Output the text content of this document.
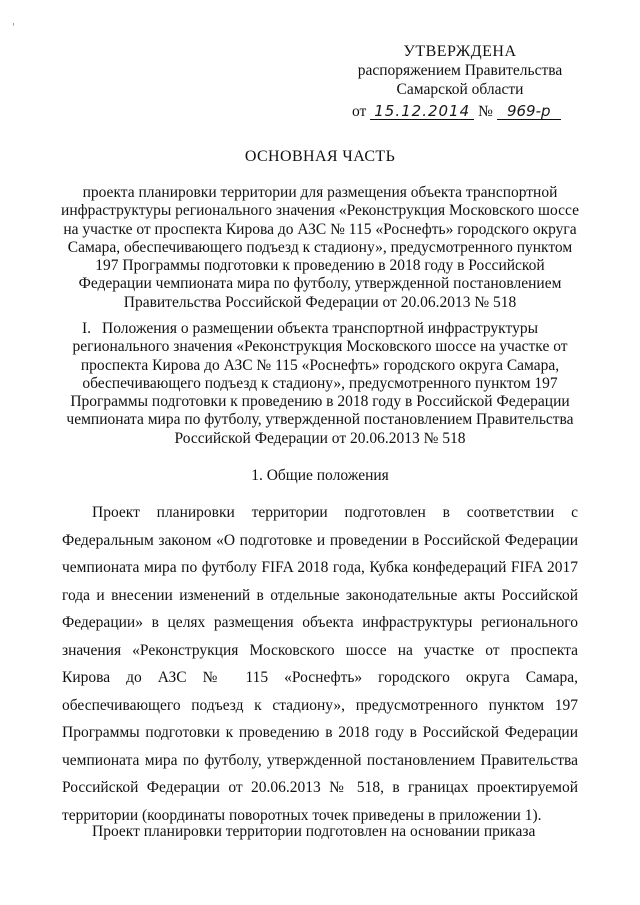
'
УТВЕРЖДЕНА
распоряжением Правительства
Самарской области
от 15.12.2014 № 969-р
ОСНОВНАЯ ЧАСТЬ
проекта планировки территории для размещения объекта транспортной инфраструктуры регионального значения «Реконструкция Московского шоссе на участке от проспекта Кирова до АЗС № 115 «Роснефть» городского округа Самара, обеспечивающего подъезд к стадиону», предусмотренного пунктом 197 Программы подготовки к проведению в 2018 году в Российской Федерации чемпионата мира по футболу, утвержденной постановлением Правительства Российской Федерации от 20.06.2013 № 518
I. Положения о размещении объекта транспортной инфраструктуры регионального значения «Реконструкция Московского шоссе на участке от проспекта Кирова до АЗС № 115 «Роснефть» городского округа Самара, обеспечивающего подъезд к стадиону», предусмотренного пунктом 197 Программы подготовки к проведению в 2018 году в Российской Федерации чемпионата мира по футболу, утвержденной постановлением Правительства Российской Федерации от 20.06.2013 № 518
1. Общие положения
Проект планировки территории подготовлен в соответствии с Федеральным законом «О подготовке и проведении в Российской Федерации чемпионата мира по футболу FIFA 2018 года, Кубка конфедераций FIFA 2017 года и внесении изменений в отдельные законодательные акты Российской Федерации» в целях размещения объекта инфраструктуры регионального значения «Реконструкция Московского шоссе на участке от проспекта Кирова до АЗС № 115 «Роснефть» городского округа Самара, обеспечивающего подъезд к стадиону», предусмотренного пунктом 197 Программы подготовки к проведению в 2018 году в Российской Федерации чемпионата мира по футболу, утвержденной постановлением Правительства Российской Федерации от 20.06.2013 № 518, в границах проектируемой территории (координаты поворотных точек приведены в приложении 1).
Проект планировки территории подготовлен на основании приказа
